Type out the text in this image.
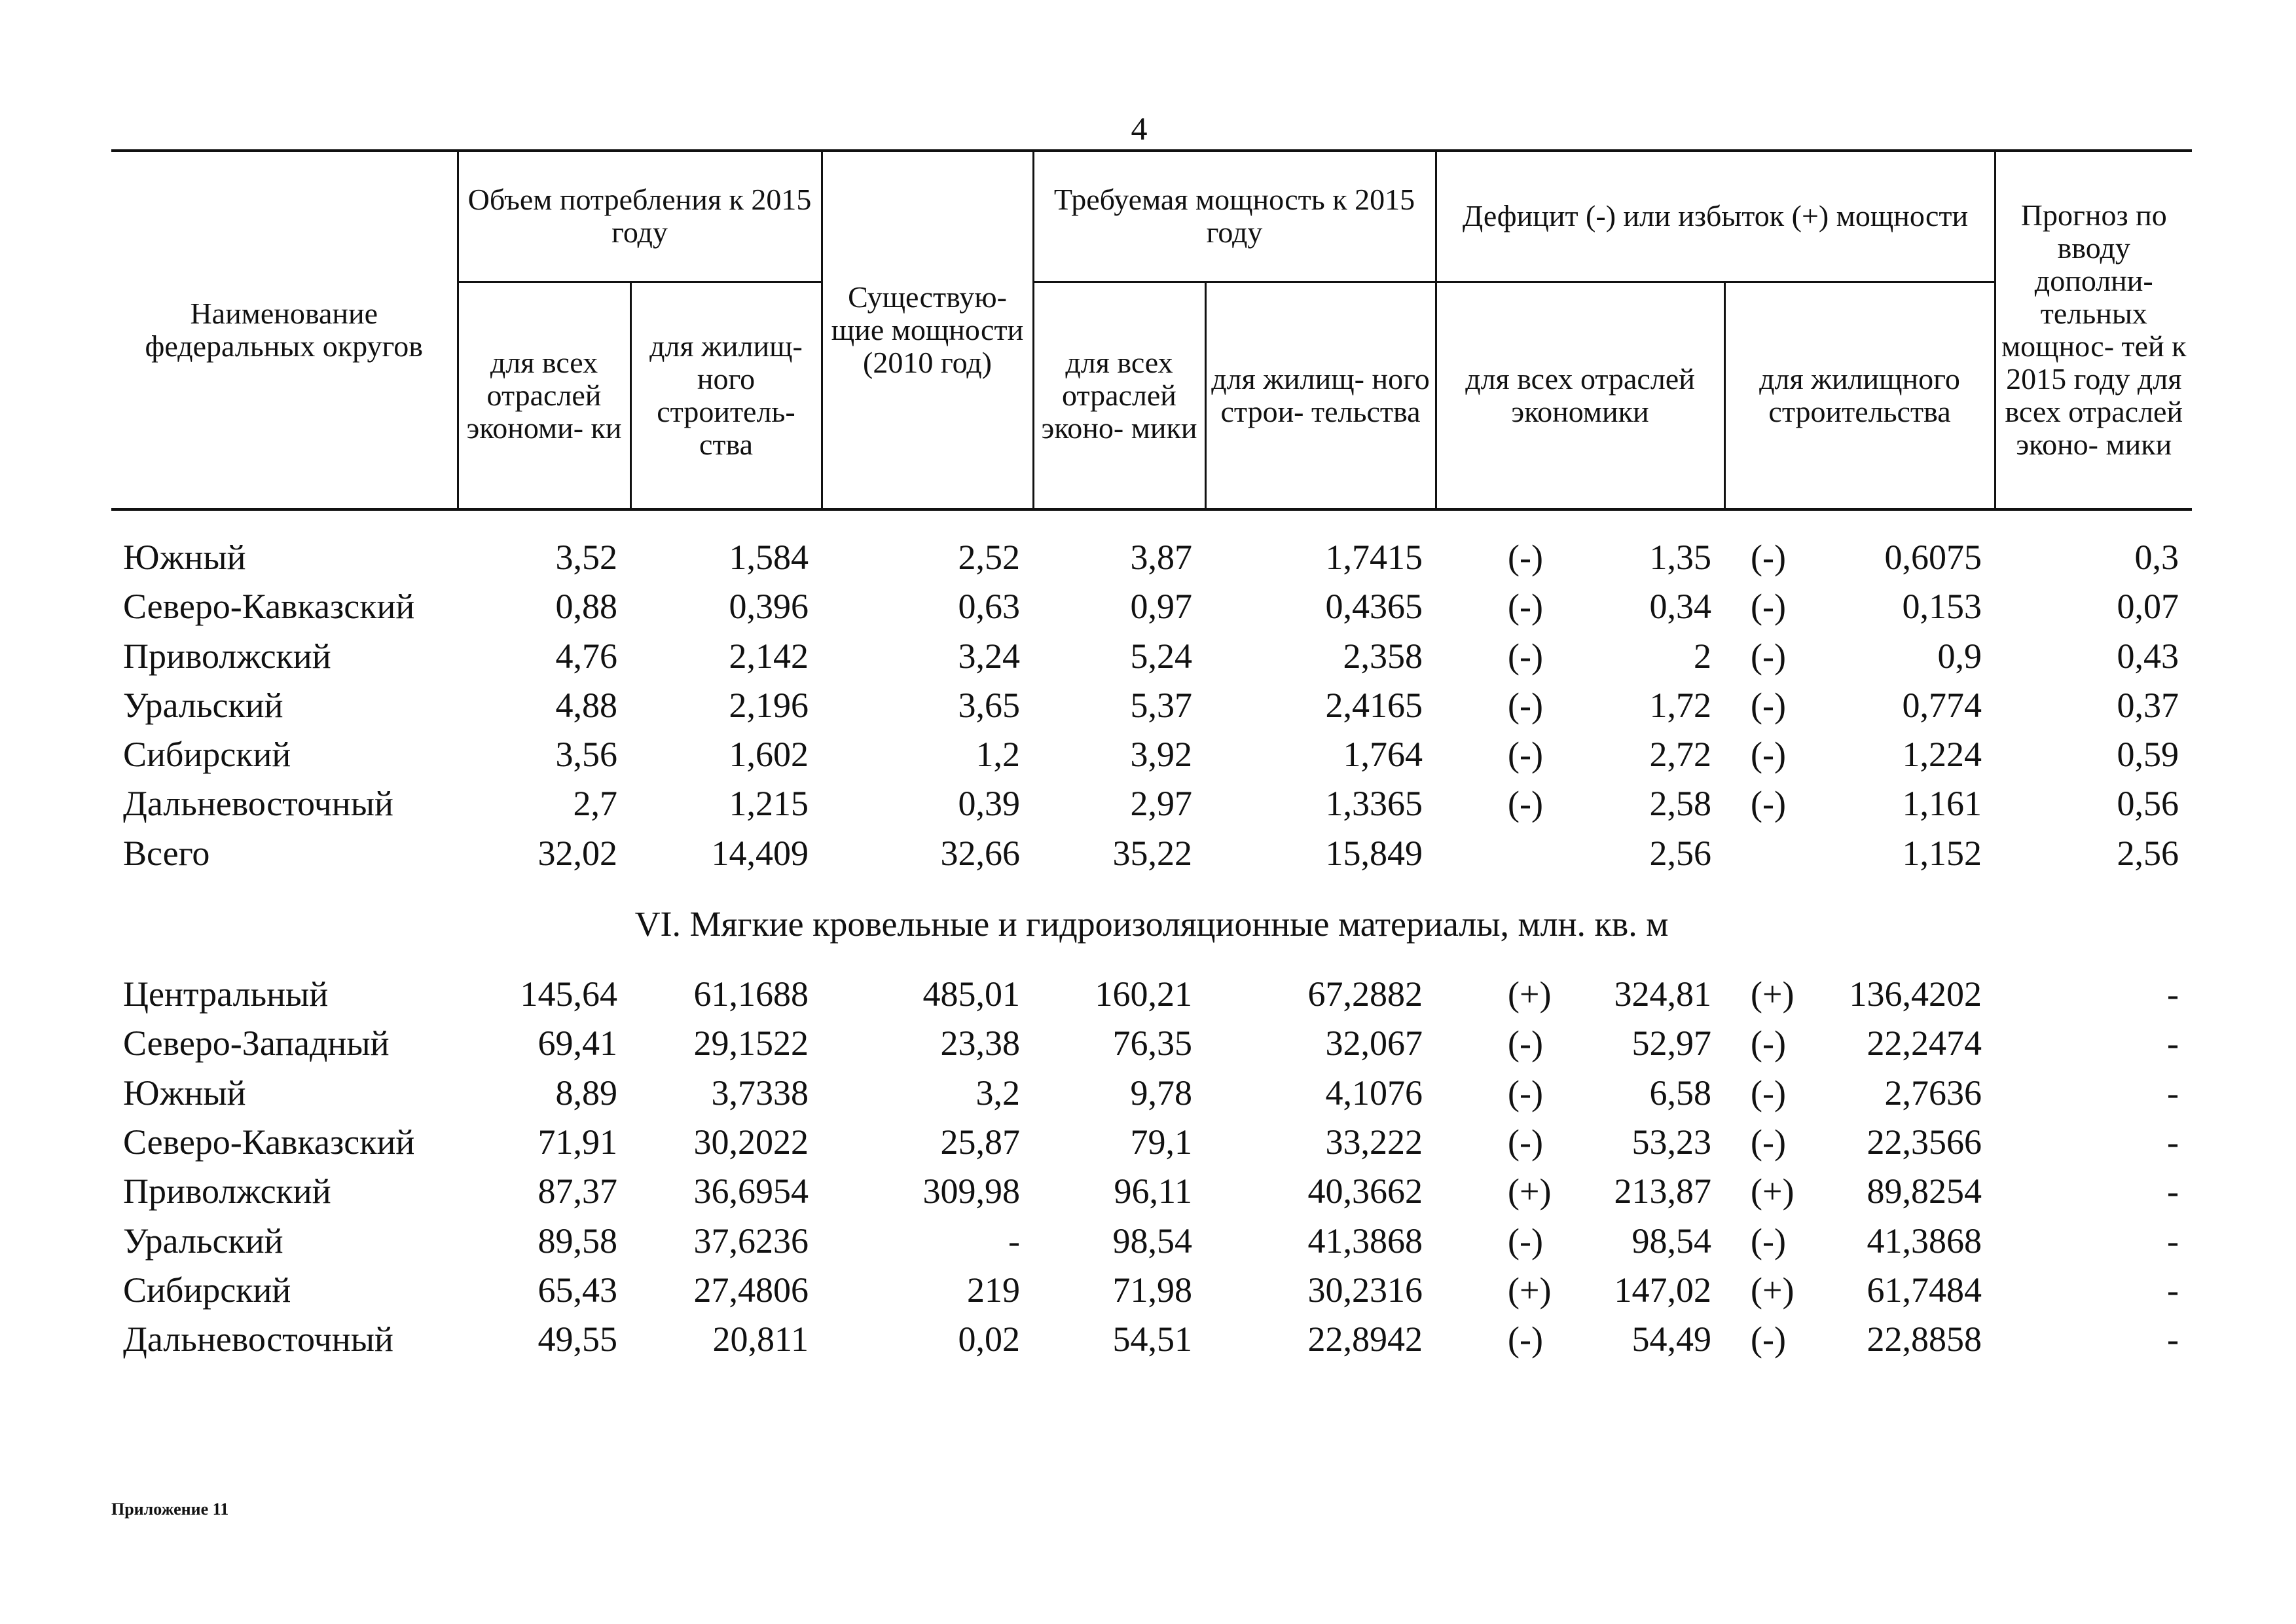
4
Наименование федеральных округов	Объем потребления к 2015 году		Существую- щие мощности (2010 год)	Требуемая мощность к 2015 году		Дефицит (-) или избыток (+) мощности		Прогноз по вводу дополни- тельных мощнос- тей к 2015 году для всех отраслей эконо- мики
	для всех отраслей экономи- ки	для жилищ- ного строитель- ства		для всех отраслей эконо- мики	для жилищ- ного строи- тельства	для всех отраслей экономики	для жилищного строительства	

Южный	3,52	1,584	2,52	3,87	1,7415	(-) 1,35	(-) 0,6075	0,3
Северо-Кавказский	0,88	0,396	0,63	0,97	0,4365	(-) 0,34	(-) 0,153	0,07
Приволжский	4,76	2,142	3,24	5,24	2,358	(-) 2	(-) 0,9	0,43
Уральский	4,88	2,196	3,65	5,37	2,4165	(-) 1,72	(-) 0,774	0,37
Сибирский	3,56	1,602	1,2	3,92	1,764	(-) 2,72	(-) 1,224	0,59
Дальневосточный	2,7	1,215	0,39	2,97	1,3365	(-) 2,58	(-) 1,161	0,56
Всего	32,02	14,409	32,66	35,22	15,849	2,56	1,152	2,56
VI. Мягкие кровельные и гидроизоляционные материалы, млн. кв. м								
Центральный	145,64	61,1688	485,01	160,21	67,2882	(+) 324,81	(+) 136,4202	-
Северо-Западный	69,41	29,1522	23,38	76,35	32,067	(-) 52,97	(-) 22,2474	-
Южный	8,89	3,7338	3,2	9,78	4,1076	(-) 6,58	(-) 2,7636	-
Северо-Кавказский	71,91	30,2022	25,87	79,1	33,222	(-) 53,23	(-) 22,3566	-
Приволжский	87,37	36,6954	309,98	96,11	40,3662	(+) 213,87	(+) 89,8254	-
Уральский	89,58	37,6236	-	98,54	41,3868	(-) 98,54	(-) 41,3868	-
Сибирский	65,43	27,4806	219	71,98	30,2316	(+) 147,02	(+) 61,7484	-
Дальневосточный	49,55	20,811	0,02	54,51	22,8942	(-) 54,49	(-) 22,8858	-
Приложение 11
